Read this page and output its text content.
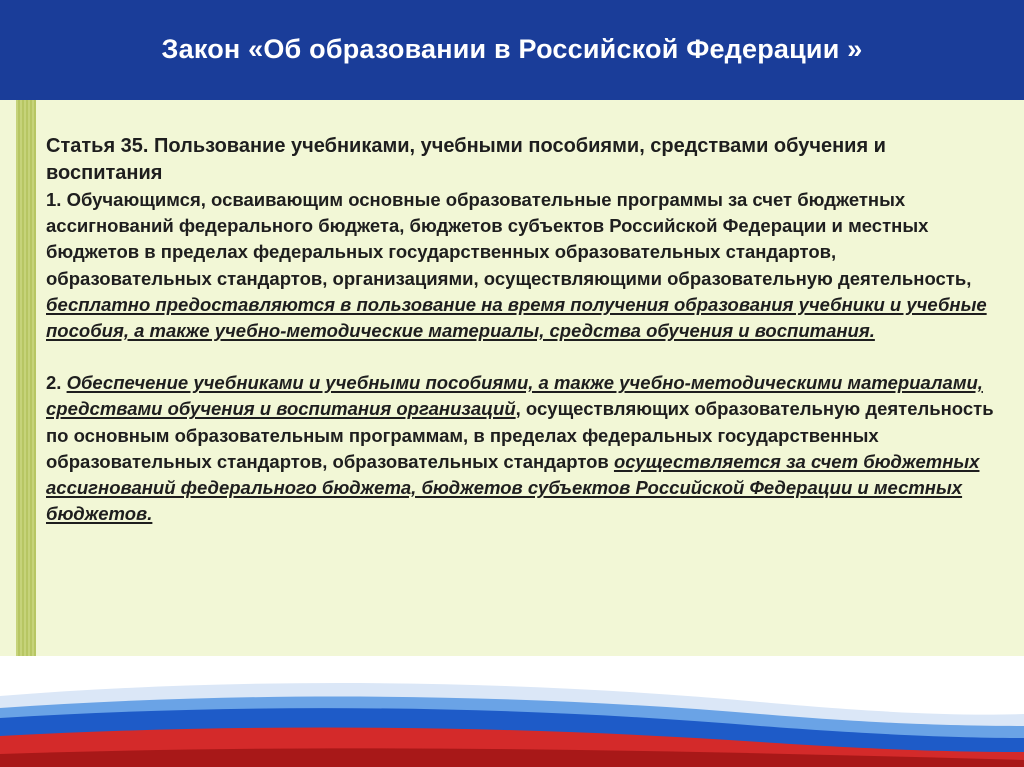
Закон «Об образовании в Российской Федерации »

Статья 35. Пользование учебниками, учебными пособиями, средствами обучения и воспитания

1. Обучающимся, осваивающим основные образовательные программы за счет бюджетных ассигнований федерального бюджета, бюджетов субъектов Российской Федерации и местных бюджетов в пределах федеральных государственных образовательных стандартов, образовательных стандартов, организациями, осуществляющими образовательную деятельность, бесплатно предоставляются в пользование на время получения образования учебники и учебные пособия, а также учебно-методические материалы, средства обучения и воспитания.

2. Обеспечение учебниками и учебными пособиями, а также учебно-методическими материалами, средствами обучения и воспитания организаций, осуществляющих образовательную деятельность по основным образовательным программам, в пределах федеральных государственных образовательных стандартов, образовательных стандартов осуществляется за счет бюджетных ассигнований федерального бюджета, бюджетов субъектов Российской Федерации и местных бюджетов.
